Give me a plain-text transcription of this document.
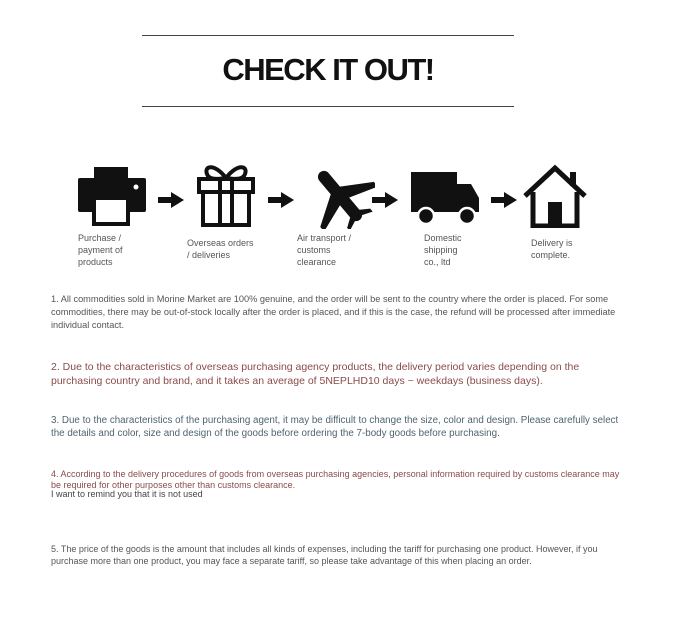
CHECK IT OUT!
Purchase /
payment of
products
Overseas orders
/ deliveries
Air transport /
customs
clearance
Domestic
shipping
co., ltd
Delivery is
complete.
1. All commodities sold in Morine Market are 100% genuine, and the order will be sent to the country where the order is placed. For some commodities, there may be out-of-stock locally after the order is placed, and if this is the case, the refund will be processed after immediate individual contact.
2. Due to the characteristics of overseas purchasing agency products, the delivery period varies depending on the purchasing country and brand, and it takes an average of 5NEPLHD10 days ~ weekdays (business days).
3. Due to the characteristics of the purchasing agent, it may be difficult to change the size, color and design. Please carefully select the details and color, size and design of the goods before ordering the 7-body goods before purchasing.
4. According to the delivery procedures of goods from overseas purchasing agencies, personal information required by customs clearance may be required for other purposes other than customs clearance.
I want to remind you that it is not used
5. The price of the goods is the amount that includes all kinds of expenses, including the tariff for purchasing one product. However, if you purchase more than one product, you may face a separate tariff, so please take advantage of this when placing an order.
